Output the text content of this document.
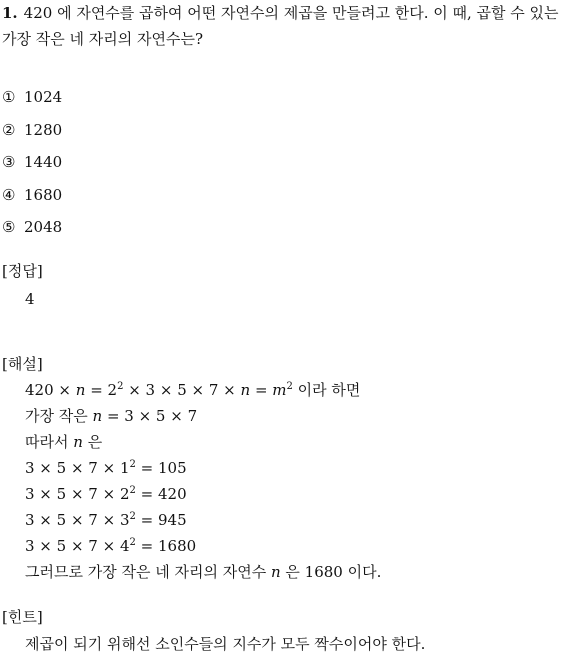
1. 420 에 자연수를 곱하여 어떤 자연수의 제곱을 만들려고 한다. 이 때, 곱할 수 있는 가장 작은 네 자리의 자연수는?
① 1024
② 1280
③ 1440
④ 1680
⑤ 2048
[정답]
4
[해설]
$420 \times n = 2^2 \times 3 \times 5 \times 7 \times n = m^2$ 이라 하면
가장 작은 n = 3 × 5 × 7
따라서 n 은
$3 \times 5 \times 7 \times 1^2 = 105$
$3 \times 5 \times 7 \times 2^2 = 420$
$3 \times 5 \times 7 \times 3^2 = 945$
$3 \times 5 \times 7 \times 4^2 = 1680$
그러므로 가장 작은 네 자리의 자연수 n 은 1680 이다.
[힌트]
제곱이 되기 위해선 소인수들의 지수가 모두 짝수이어야 한다.
